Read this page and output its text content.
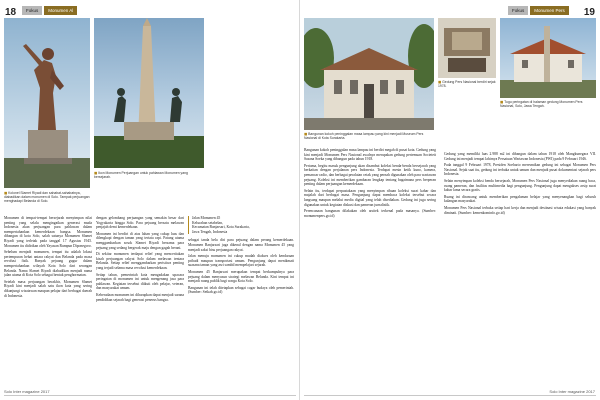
18	Fokus	Monumen Al
■ Kolonel Slamet Riyadi dan sahabat-sahabatnya, diabadikan dalam monumen di Solo. Tampak perjuangan menghadapi Belanda di Solo.
■ Ikon Monumen Perjuangan untuk pahlawan Monumen yang bersejarah.

Monumen di tempat-tempat bersejarah menyimpan nilai penting yang selalu mengingatkan generasi muda Indonesia akan perjuangan para pahlawan dalam mempertahankan kemerdekaan bangsa. Monumen dibangun di kota Solo, salah satunya Monumen Slamet Riyadi yang terletak pada tanggal 17 Agustus 1945. Monumen itu didirikan oleh Yayasan Rumpun Diponegoro.

Sebelum menjadi monumen, tempat itu adalah lokasi pertempuran hebat antara rakyat dan Belanda pada masa revolusi fisik. Banyak pejuang gugur dalam mempertahankan wilayah Kota Solo dari serangan Belanda. Nama Slamet Riyadi diabadikan menjadi nama jalan utama di Kota Solo sebagai bentuk penghormatan.

Setelah masa perjuangan berakhir, Monumen Slamet Riyadi kini menjadi salah satu ikon kota yang sering dikunjungi wisatawan maupun pelajar dari berbagai daerah di Indonesia.

dengan gelombang perjuangan yang semakin besar dari Yogyakarta hingga Solo. Para pejuang bersatu melawan penjajah demi kemerdekaan.

Monumen ini berdiri di atas lahan yang cukup luas dan dilengkapi dengan taman yang tertata rapi. Patung utama menggambarkan sosok Slamet Riyadi bersama para pejuang yang sedang bergerak maju dengan gagah berani.

Di sekitar monumen terdapat relief yang menceritakan kisah perjuangan rakyat Solo dalam melawan tentara Belanda. Setiap relief menggambarkan peristiwa penting yang terjadi selama masa revolusi kemerdekaan.

Setiap tahun, pemerintah kota mengadakan upacara peringatan di monumen ini untuk mengenang jasa para pahlawan. Kegiatan tersebut diikuti oleh pelajar, veteran, dan masyarakat umum.

Keberadaan monumen ini diharapkan dapat menjadi sarana pendidikan sejarah bagi generasi penerus bangsa.

Jalan Monumen 45
Kelurahan setabelan,
Kecamatan Banjarsari, Kota Surakarta,
Jawa Tengah, Indonesia

sebagai tanda bela diri para pejuang dalam perang kemerdekaan. Monumen Banjarsari juga dikenal dengan nama Monumen 45 yang menjadi saksi bisu perjuangan rakyat.

Jalan menuju monumen ini cukup mudah diakses oleh kendaraan pribadi maupun transportasi umum. Pengunjung dapat menikmati suasana taman yang asri sambil mempelajari sejarah.

Monumen 45 Banjarsari merupakan tempat berkumpulnya para pejuang dalam menyusun strategi melawan Belanda. Kini tempat ini menjadi ruang publik bagi warga Kota Solo.

Bangunan ini telah ditetapkan sebagai cagar budaya oleh pemerintah. (Sumber: Setkab.go.id)

Solo Inter magazine 2017
Fokus	Monumen Pers	19
■ Bangunan kokoh peninggalan masa lampau yang kini menjadi Museum Pers Nasional di Kota Surakarta.
■ Gedung Pers Nasional berdiri sejak 1978.
■ Tugu peringatan di halaman gedung Monumen Pers Nasional, Solo, Jawa Tengah.

Bangunan kokoh peninggalan masa lampau ini berdiri megah di pusat kota. Gedung yang kini menjadi Monumen Pers Nasional awalnya merupakan gedung pertemuan Societeit Sasana Soeka yang dibangun pada tahun 1918.

Pertama, begitu masuk pengunjung akan disambut koleksi benda-benda bersejarah yang berkaitan dengan perjalanan pers Indonesia. Terdapat mesin ketik kuno, kamera, pemancar radio, dan berbagai peralatan cetak yang pernah digunakan oleh para wartawan pejuang. Koleksi ini memberikan gambaran lengkap tentang bagaimana pers berperan penting dalam perjuangan kemerdekaan.

Selain itu, terdapat perpustakaan yang menyimpan ribuan koleksi surat kabar dan majalah dari berbagai masa. Pengunjung dapat membaca koleksi tersebut secara langsung maupun melalui media digital yang telah disediakan. Gedung ini juga sering digunakan untuk kegiatan diskusi dan pameran jurnalistik.

Perencanaan bangunan dilakukan oleh arsitek terkenal pada masanya. (Sumber: monumenpers.go.id)

Gedung yang memiliki luas 2.988 m2 ini dibangun dalam tahun 1918 oleh Mangkunegara VII. Gedung ini menjadi tempat lahirnya Persatuan Wartawan Indonesia (PWI) pada 9 Februari 1946.

Pada tanggal 9 Februari 1978, Presiden Soeharto meresmikan gedung ini sebagai Monumen Pers Nasional. Sejak saat itu, gedung ini terbuka untuk umum dan menjadi pusat dokumentasi sejarah pers Indonesia.

Selain menyimpan koleksi benda bersejarah, Monumen Pers Nasional juga menyediakan ruang baca, ruang pameran, dan fasilitas multimedia bagi pengunjung. Pengunjung dapat mengakses arsip surat kabar lama secara gratis.

Ruang ini dirancang untuk memberikan pengalaman belajar yang menyenangkan bagi seluruh kalangan masyarakat.

Monumen Pers Nasional terbuka setiap hari kerja dan menjadi destinasi wisata edukasi yang banyak diminati. (Sumber: kemenkominfo.go.id)

Solo Inter magazine 2017
